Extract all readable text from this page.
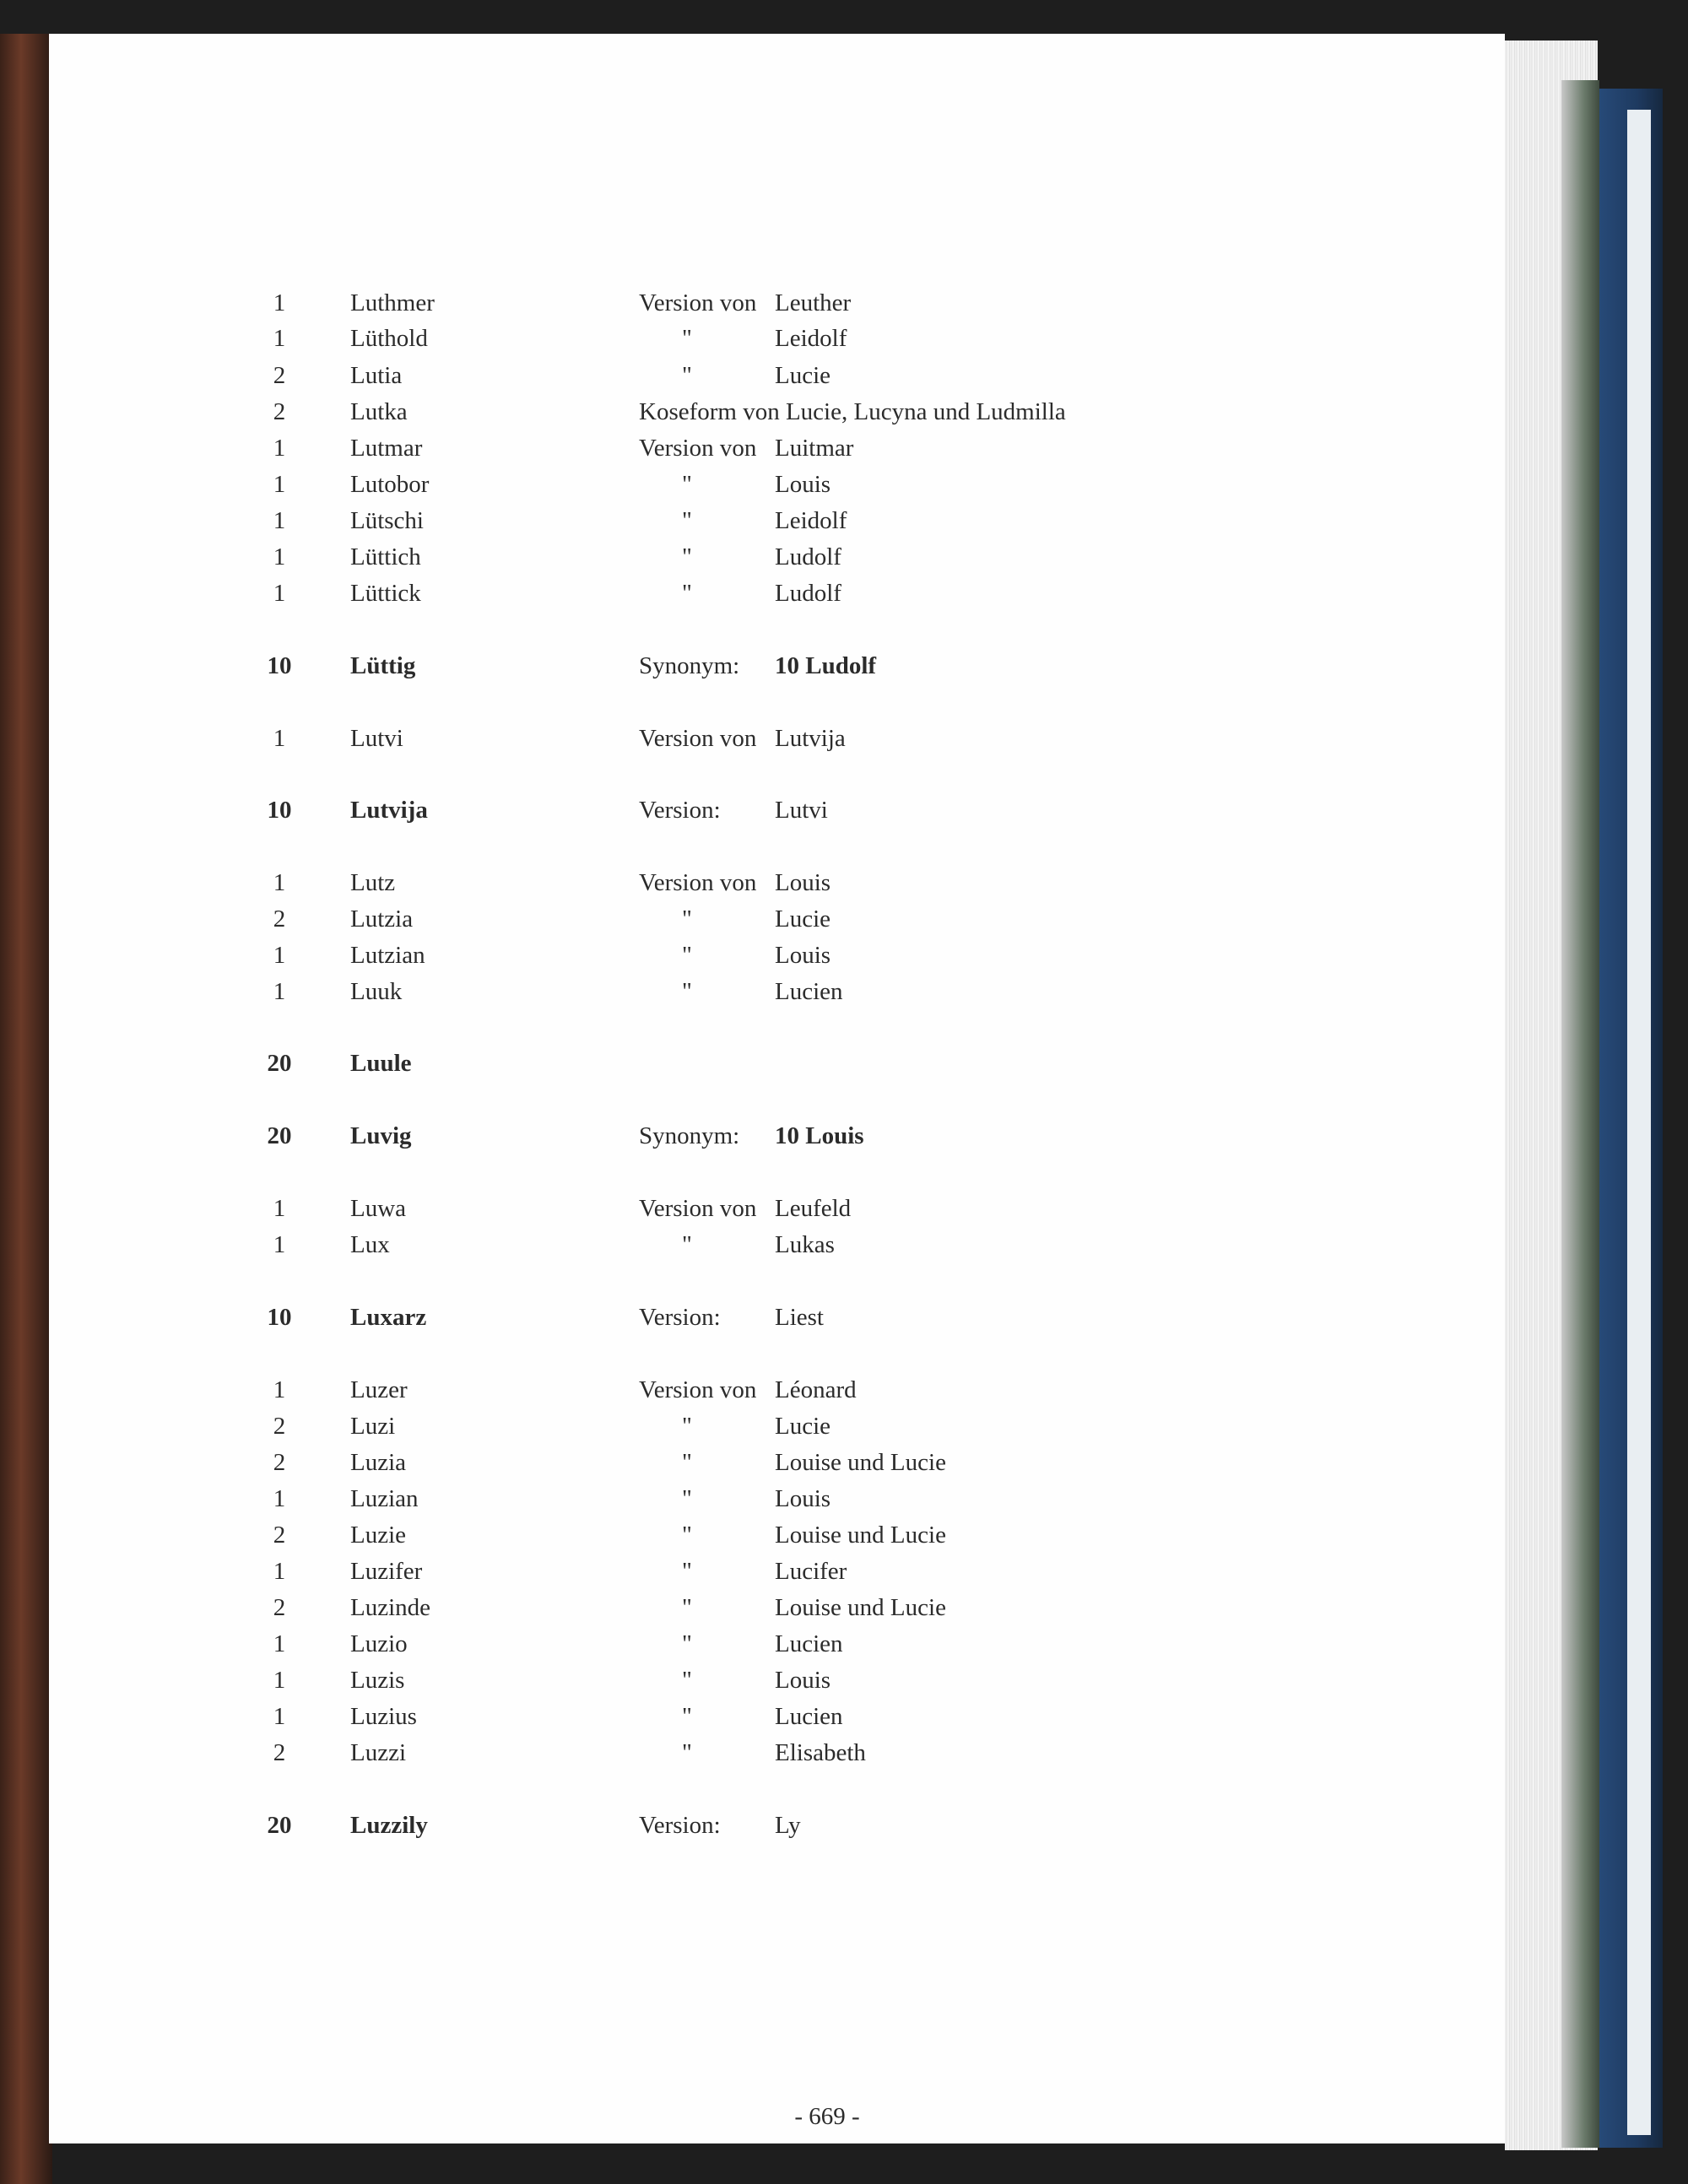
1	Luthmer	Version von Leuther
1	Lüthold	"	Leidolf
2	Lutia	"	Lucie
2	Lutka	Koseform von Lucie, Lucyna und Ludmilla
1	Lutmar	Version von Luitmar
1	Lutobor	"	Louis
1	Lütschi	"	Leidolf
1	Lüttich	"	Ludolf
1	Lüttick	"	Ludolf
10	Lüttig	Synonym: 10 Ludolf
1	Lutvi	Version von Lutvija
10	Lutvija	Version: Lutvi
1	Lutz	Version von Louis
2	Lutzia	"	Lucie
1	Lutzian	"	Louis
1	Luuk	"	Lucien
20	Luule
20	Luvig	Synonym: 10 Louis
1	Luwa	Version von Leufeld
1	Lux	"	Lukas
10	Luxarz	Version: Liest
1	Luzer	Version von Léonard
2	Luzi	"	Lucie
2	Luzia	"	Louise und Lucie
1	Luzian	"	Louis
2	Luzie	"	Louise und Lucie
1	Luzifer	"	Lucifer
2	Luzinde	"	Louise und Lucie
1	Luzio	"	Lucien
1	Luzis	"	Louis
1	Luzius	"	Lucien
2	Luzzi	"	Elisabeth
20	Luzzily	Version: Ly
- 669 -
